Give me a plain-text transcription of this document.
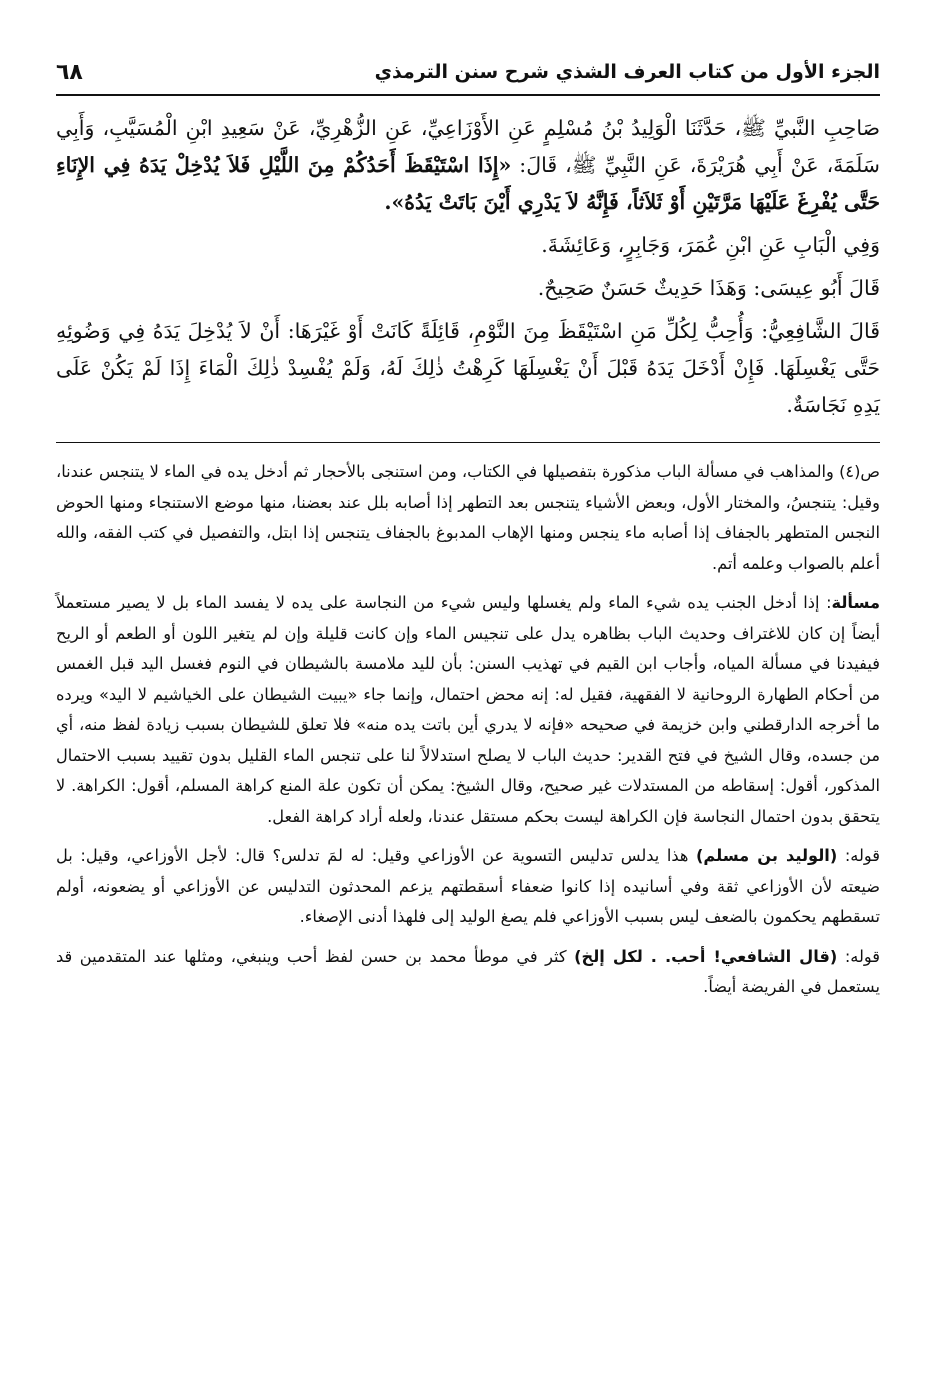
الجزء الأول من كتاب العرف الشذي شرح سنن الترمذي
٦٨

صَاحِبِ النَّبيِّ ﷺ، حَدَّثَنَا الْوَلِيدُ بْنُ مُسْلِمٍ عَنِ الأَوْزَاعِيِّ، عَنِ الزُّهْرِيِّ، عَنْ سَعِيدِ ابْنِ الْمُسَيَّبِ، وَأَبِي سَلَمَةَ، عَنْ أَبِي هُرَيْرَةَ، عَنِ النَّبِيِّ ﷺ، قَالَ: «إِذَا اسْتَيْقَظَ أَحَدُكُمْ مِنَ اللَّيْلِ فَلاَ يُدْخِلْ يَدَهُ فِي الإِنَاءِ حَتَّى يُفْرِغَ عَلَيْهَا مَرَّتَيْنِ أَوْ ثَلاَثاً، فَإِنَّهُ لاَ يَدْرِي أَيْنَ بَاتَتْ يَدُهُ».

وَفِي الْبَابِ عَنِ ابْنِ عُمَرَ، وَجَابِرٍ، وَعَائِشَةَ.

قَالَ أَبُو عِيسَى: وَهَذَا حَدِيثٌ حَسَنٌ صَحِيحٌ.

قَالَ الشَّافِعِيُّ: وَأُحِبُّ لِكُلِّ مَنِ اسْتَيْقَظَ مِنَ النَّوْمِ، قَائِلَةً كَانَتْ أَوْ غَيْرَهَا: أَنْ لاَ يُدْخِلَ يَدَهُ فِي وَضُوئِهِ حَتَّى يَغْسِلَهَا. فَإِنْ أَدْخَلَ يَدَهُ قَبْلَ أَنْ يَغْسِلَهَا كَرِهْتُ ذٰلِكَ لَهُ، وَلَمْ يُفْسِدْ ذٰلِكَ الْمَاءَ إِذَا لَمْ يَكُنْ عَلَى يَدِهِ نَجَاسَةٌ.

ص(٤) والمذاهب في مسألة الباب مذكورة بتفصيلها في الكتاب، ومن استنجى بالأحجار ثم أدخل يده في الماء لا يتنجس عندنا، وقيل: يتنجسُ، والمختار الأول، وبعض الأشياء يتنجس بعد التطهر إذا أصابه بلل عند بعضنا، منها موضع الاستنجاء ومنها الحوض النجس المتطهر بالجفاف إذا أصابه ماء ينجس ومنها الإهاب المدبوغ بالجفاف يتنجس إذا ابتل، والتفصيل في كتب الفقه، والله أعلم بالصواب وعلمه أتم.

مسألة: إذا أدخل الجنب يده شيء الماء ولم يغسلها وليس شيء من النجاسة على يده لا يفسد الماء بل لا يصير مستعملاً أيضاً إن كان للاغتراف وحديث الباب بظاهره يدل على تنجيس الماء وإن كانت قليلة وإن لم يتغير اللون أو الطعم أو الريح فيفيدنا في مسألة المياه، وأجاب ابن القيم في تهذيب السنن: بأن لليد ملامسة بالشيطان في النوم فغسل اليد قبل الغمس من أحكام الطهارة الروحانية لا الفقهية، فقيل له: إنه محض احتمال، وإنما جاء «يبيت الشيطان على الخياشيم لا اليد» ويرده ما أخرجه الدارقطني وابن خزيمة في صحيحه «فإنه لا يدري أين باتت يده منه» فلا تعلق للشيطان بسبب زيادة لفظ منه، أي من جسده، وقال الشيخ في فتح القدير: حديث الباب لا يصلح استدلالاً لنا على تنجس الماء القليل بدون تقييد بسبب الاحتمال المذكور، أقول: إسقاطه من المستدلات غير صحيح، وقال الشيخ: يمكن أن تكون علة المنع كراهة المسلم، أقول: الكراهة. لا يتحقق بدون احتمال النجاسة فإن الكراهة ليست بحكم مستقل عندنا، ولعله أراد كراهة الفعل.

قوله: (الوليد بن مسلم) هذا يدلس تدليس التسوية عن الأوزاعي وقيل: له لمَ تدلس؟ قال: لأجل الأوزاعي، وقيل: بل ضيعته لأن الأوزاعي ثقة وفي أسانيده إذا كانوا ضعفاء أسقطتهم يزعم المحدثون التدليس عن الأوزاعي أو يضعونه، أولم تسقطهم يحكمون بالضعف ليس بسبب الأوزاعي فلم يصغ الوليد إلى فلهذا أدنى الإصغاء.

قوله: (قال الشافعي! أحب. . لكل إلخ) كثر في موطأ محمد بن حسن لفظ أحب وينبغي، ومثلها عند المتقدمين قد يستعمل في الفريضة أيضاً.
